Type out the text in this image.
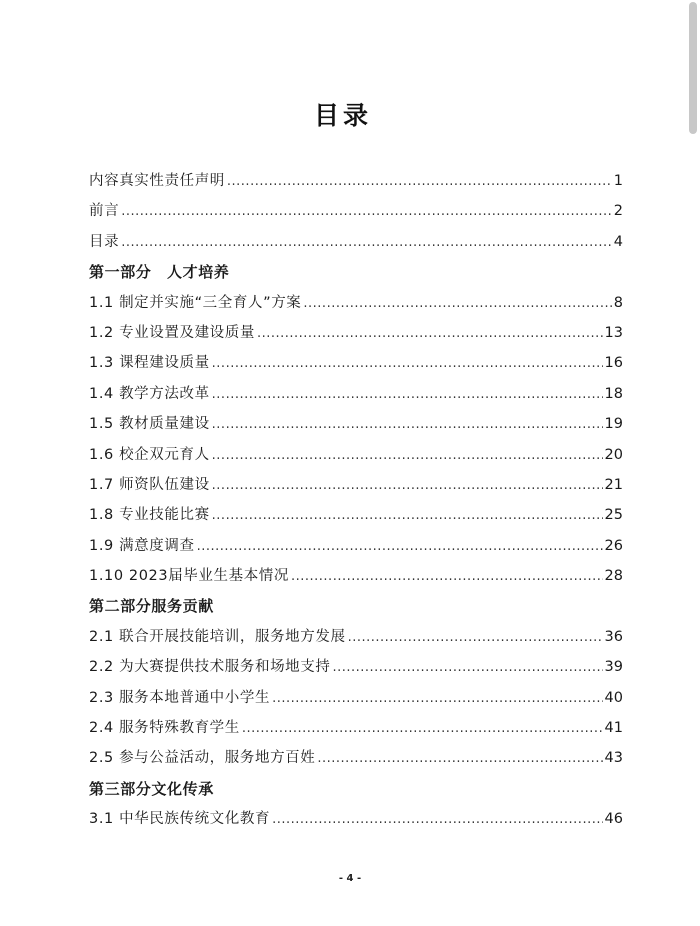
目录
内容真实性责任声明 .....	1
前言 .....	2
目录 .....	4
第一部分　人才培养
1.1 制定并实施“三全育人”方案 .....	8
1.2 专业设置及建设质量 .....	13
1.3 课程建设质量 .....	16
1.4 教学方法改革 .....	18
1.5 教材质量建设 .....	19
1.6 校企双元育人 .....	20
1.7 师资队伍建设 .....	21
1.8 专业技能比赛 .....	25
1.9 满意度调查 .....	26
1.10 2023届毕业生基本情况 .....	28
第二部分服务贡献
2.1 联合开展技能培训，服务地方发展 .....	36
2.2 为大赛提供技术服务和场地支持 .....	39
2.3 服务本地普通中小学生 .....	40
2.4 服务特殊教育学生 .....	41
2.5 参与公益活动，服务地方百姓 .....	43
第三部分文化传承
3.1 中华民族传统文化教育 .....	46
- 4 -
